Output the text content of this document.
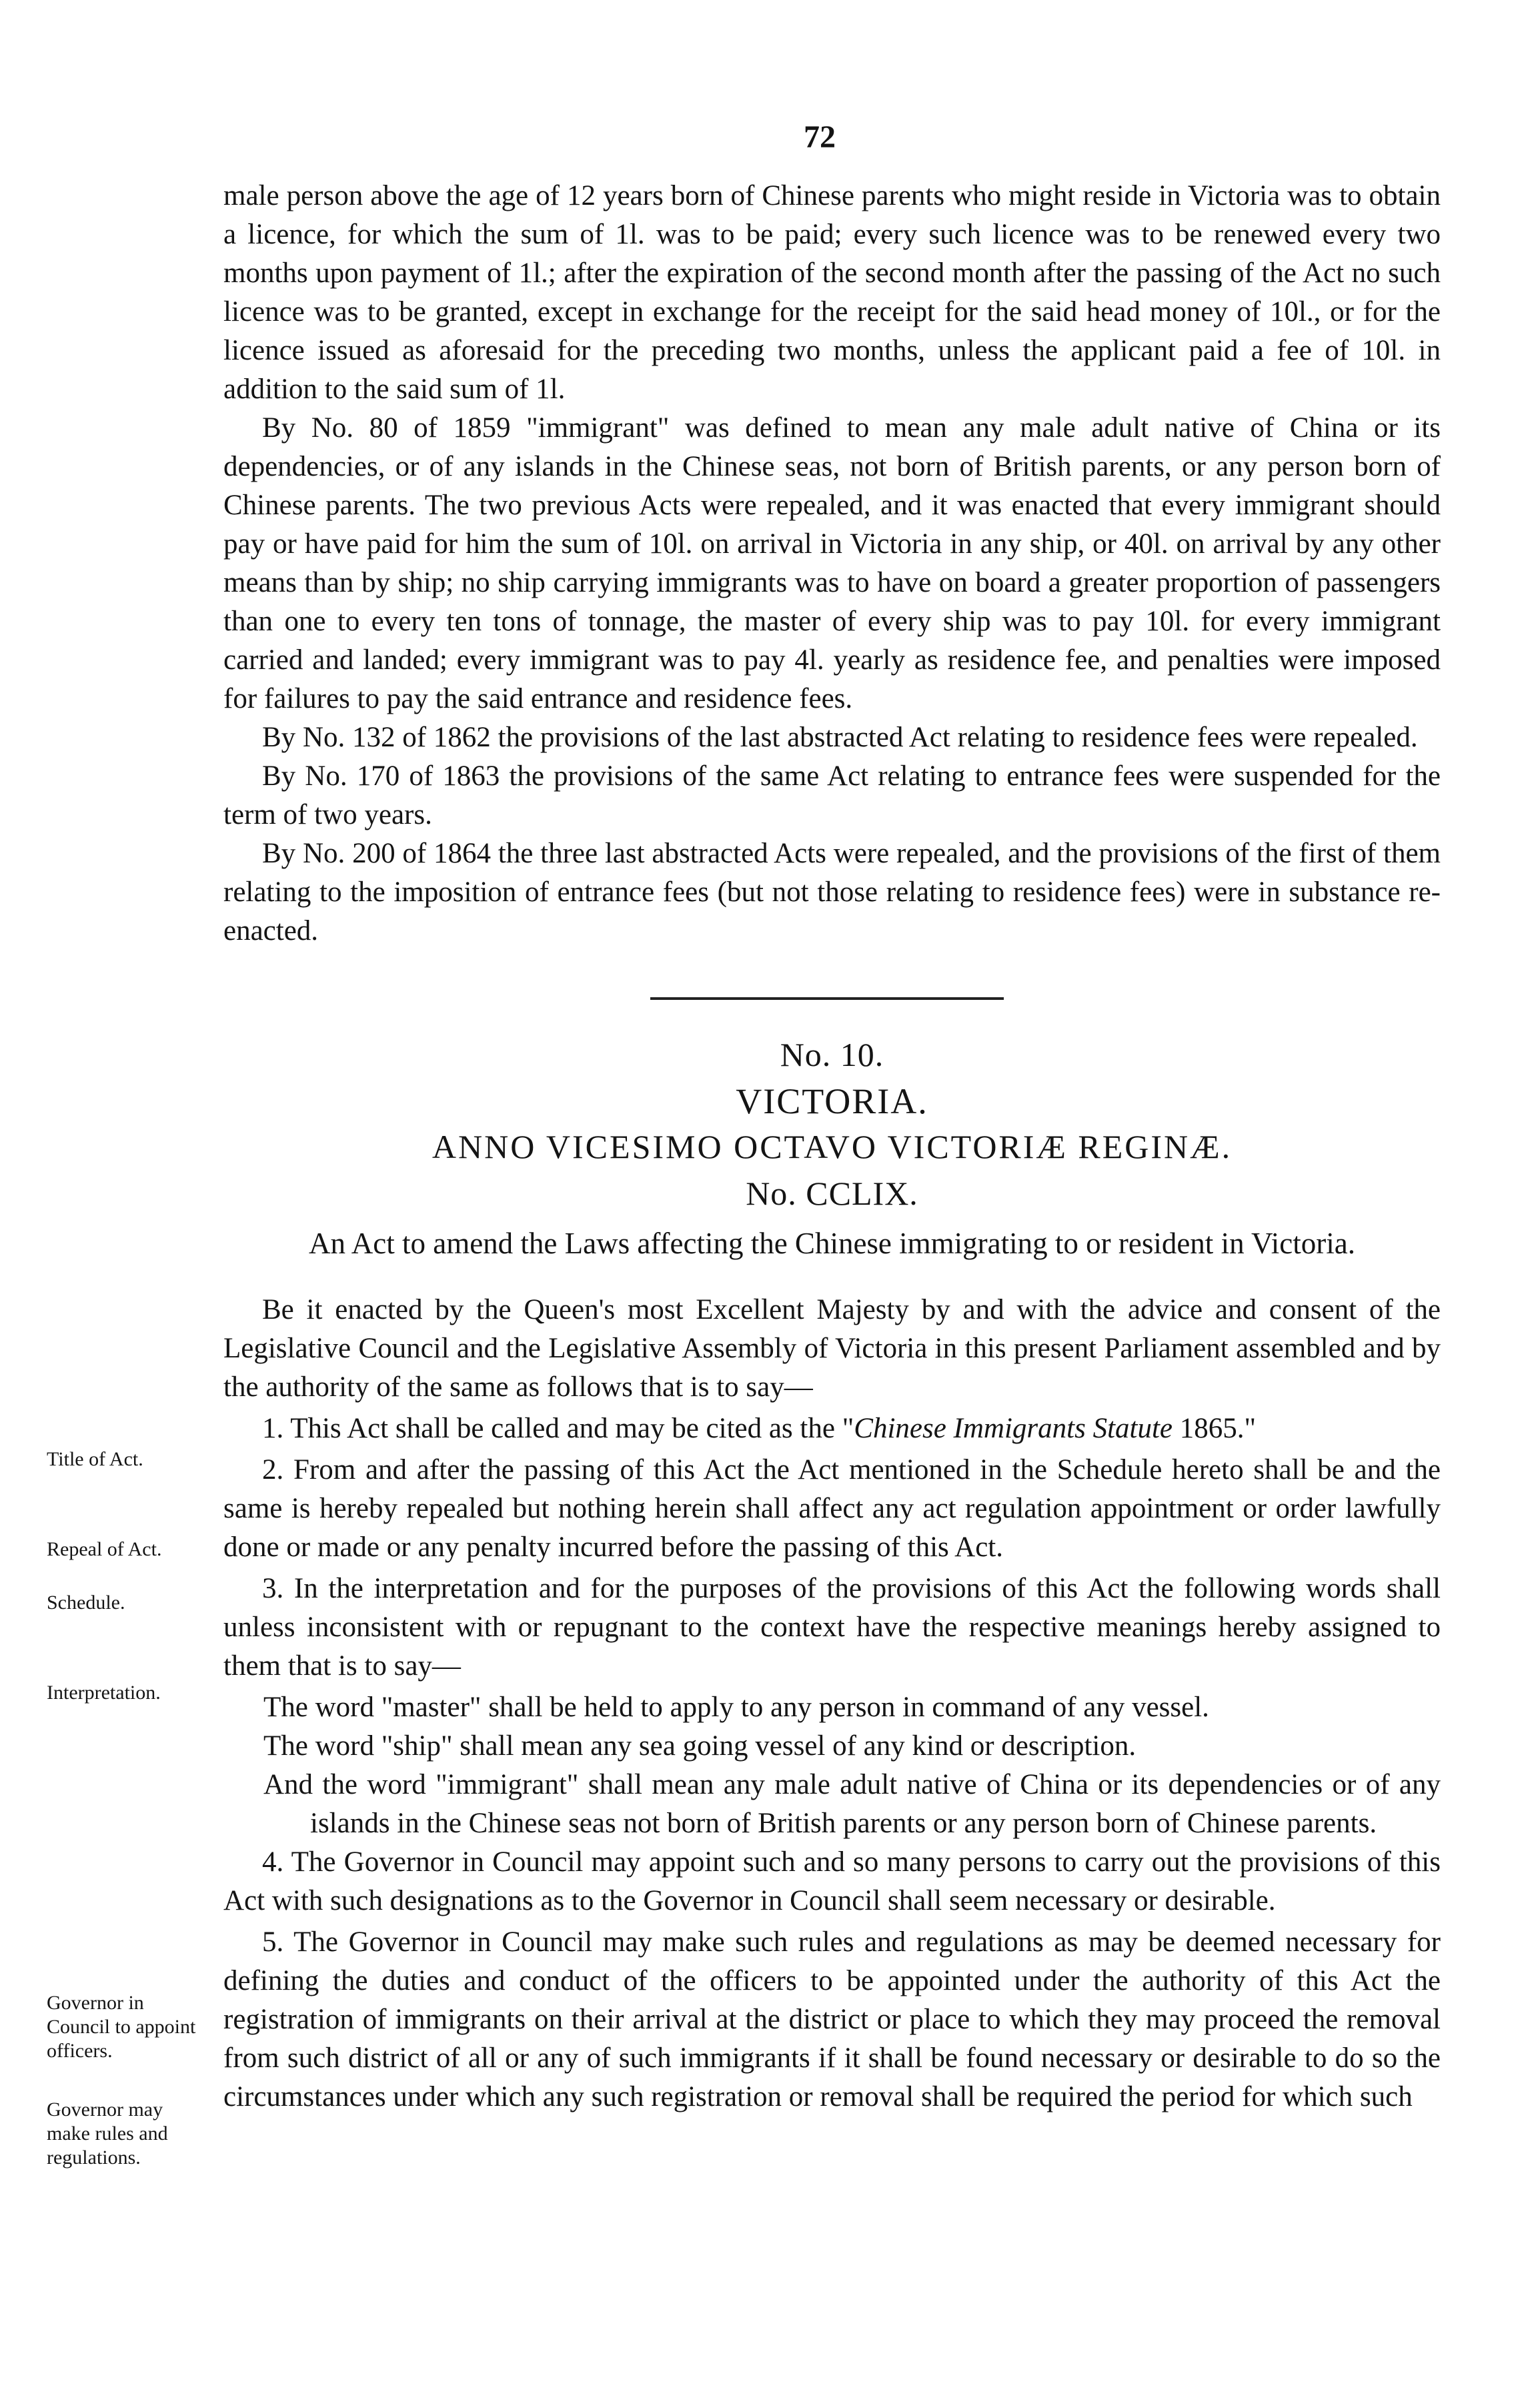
72

male person above the age of 12 years born of Chinese parents who might reside in Victoria was to obtain a licence, for which the sum of 1l. was to be paid; every such licence was to be renewed every two months upon payment of 1l.; after the expiration of the second month after the passing of the Act no such licence was to be granted, except in exchange for the receipt for the said head money of 10l., or for the licence issued as aforesaid for the preceding two months, unless the applicant paid a fee of 10l. in addition to the said sum of 1l.

By No. 80 of 1859 "immigrant" was defined to mean any male adult native of China or its dependencies, or of any islands in the Chinese seas, not born of British parents, or any person born of Chinese parents. The two previous Acts were repealed, and it was enacted that every immigrant should pay or have paid for him the sum of 10l. on arrival in Victoria in any ship, or 40l. on arrival by any other means than by ship; no ship carrying immigrants was to have on board a greater proportion of passengers than one to every ten tons of tonnage, the master of every ship was to pay 10l. for every immigrant carried and landed; every immigrant was to pay 4l. yearly as residence fee, and penalties were imposed for failures to pay the said entrance and residence fees.

By No. 132 of 1862 the provisions of the last abstracted Act relating to residence fees were repealed.

By No. 170 of 1863 the provisions of the same Act relating to entrance fees were suspended for the term of two years.

By No. 200 of 1864 the three last abstracted Acts were repealed, and the provisions of the first of them relating to the imposition of entrance fees (but not those relating to residence fees) were in substance re-enacted.

No. 10.
VICTORIA.
ANNO VICESIMO OCTAVO VICTORIÆ REGINÆ.
No. CCLIX.
An Act to amend the Laws affecting the Chinese immigrating to or resident in Victoria.

Be it enacted by the Queen's most Excellent Majesty by and with the advice and consent of the Legislative Council and the Legislative Assembly of Victoria in this present Parliament assembled and by the authority of the same as follows that is to say—

1. This Act shall be called and may be cited as the "Chinese Immigrants Statute 1865."

2. From and after the passing of this Act the Act mentioned in the Schedule hereto shall be and the same is hereby repealed but nothing herein shall affect any act regulation appointment or order lawfully done or made or any penalty incurred before the passing of this Act.

3. In the interpretation and for the purposes of the provisions of this Act the following words shall unless inconsistent with or repugnant to the context have the respective meanings hereby assigned to them that is to say—

The word "master" shall be held to apply to any person in command of any vessel.

The word "ship" shall mean any sea going vessel of any kind or description.

And the word "immigrant" shall mean any male adult native of China or its dependencies or of any islands in the Chinese seas not born of British parents or any person born of Chinese parents.

4. The Governor in Council may appoint such and so many persons to carry out the provisions of this Act with such designations as to the Governor in Council shall seem necessary or desirable.

5. The Governor in Council may make such rules and regulations as may be deemed necessary for defining the duties and conduct of the officers to be appointed under the authority of this Act the registration of immigrants on their arrival at the district or place to which they may proceed the removal from such district of all or any of such immigrants if it shall be found necessary or desirable to do so the circumstances under which any such registration or removal shall be required the period for which such

Title of Act.
Repeal of Act.
Schedule.
Interpretation.
Governor in Council to appoint officers.
Governor may make rules and regulations.
